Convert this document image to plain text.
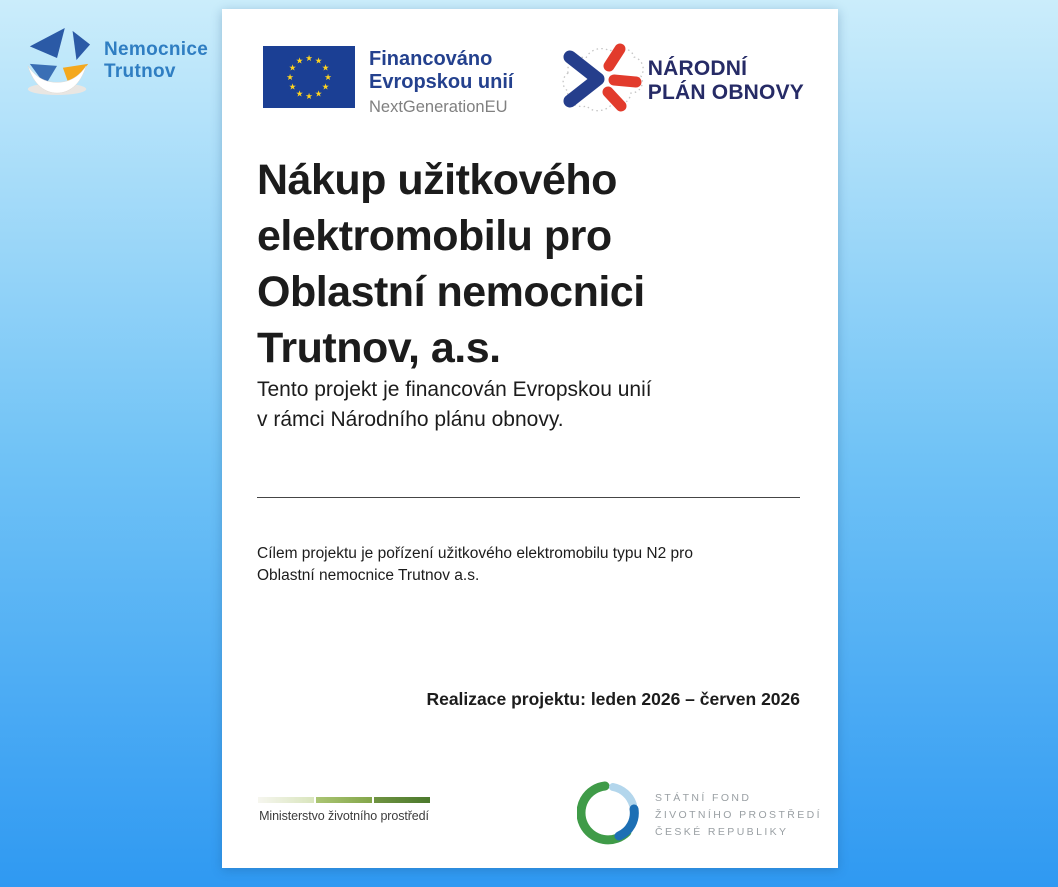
Nemocnice
Trutnov
★ ★
★
★
★
★
★
★
★
★
★
★	Financováno
Evropskou unií
NextGenerationEU
NÁRODNÍ
PLÁN OBNOVY
Nákup užitkového
elektromobilu pro
Oblastní nemocnici
Trutnov, a.s.

Tento projekt je financován Evropskou unií
v rámci Národního plánu obnovy.

Cílem projektu je pořízení užitkového elektromobilu typu N2 pro
Oblastní nemocnice Trutnov a.s.

Realizace projektu: leden 2026 – červen 2026

Ministerstvo životního prostředí
STÁTNÍ FOND
ŽIVOTNÍHO PROSTŘEDÍ
ČESKÉ REPUBLIKY
